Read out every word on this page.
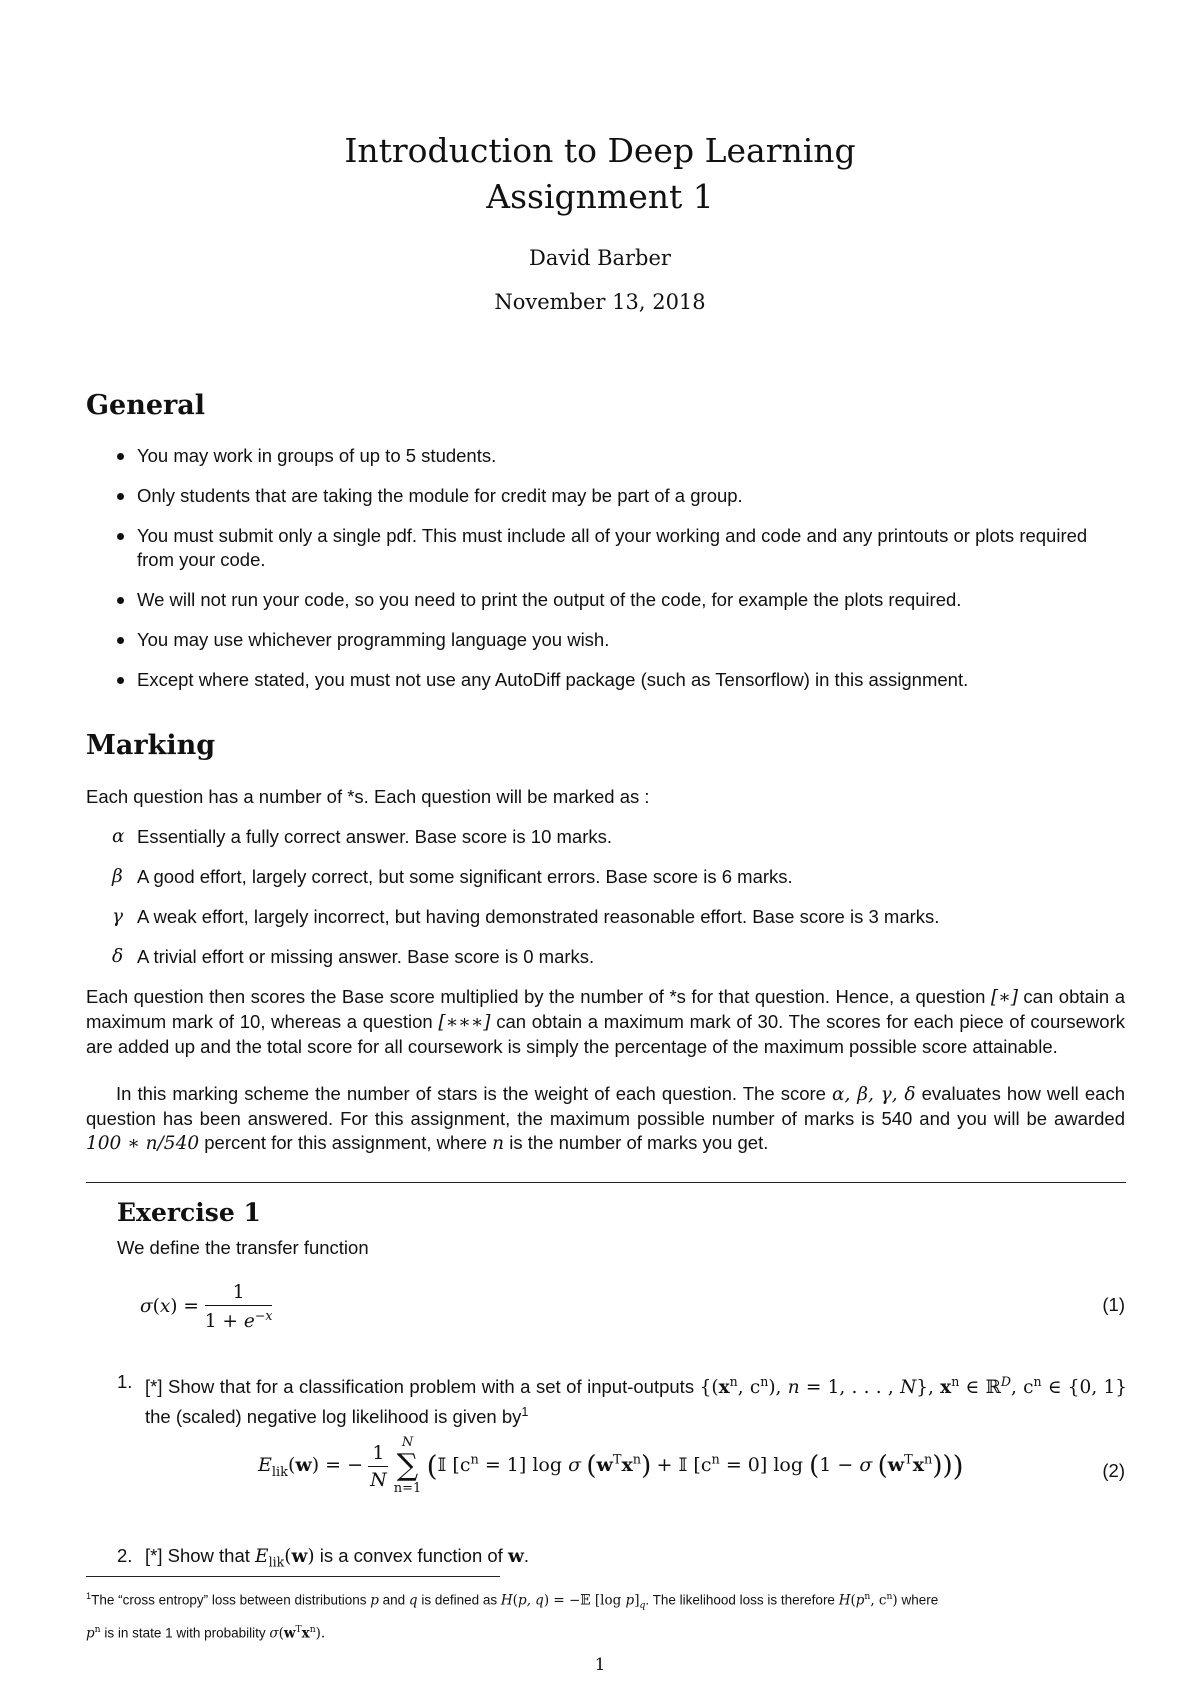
Introduction to Deep Learning
Assignment 1
David Barber
November 13, 2018
General
You may work in groups of up to 5 students.
Only students that are taking the module for credit may be part of a group.
You must submit only a single pdf. This must include all of your working and code and any printouts or plots required from your code.
We will not run your code, so you need to print the output of the code, for example the plots required.
You may use whichever programming language you wish.
Except where stated, you must not use any AutoDiff package (such as Tensorflow) in this assignment.
Marking
Each question has a number of *s. Each question will be marked as :
α Essentially a fully correct answer. Base score is 10 marks.
β A good effort, largely correct, but some significant errors. Base score is 6 marks.
γ A weak effort, largely incorrect, but having demonstrated reasonable effort. Base score is 3 marks.
δ A trivial effort or missing answer. Base score is 0 marks.
Each question then scores the Base score multiplied by the number of *s for that question. Hence, a question [∗] can obtain a maximum mark of 10, whereas a question [∗∗∗] can obtain a maximum mark of 30. The scores for each piece of coursework are added up and the total score for all coursework is simply the percentage of the maximum possible score attainable.
In this marking scheme the number of stars is the weight of each question. The score α, β, γ, δ evaluates how well each question has been answered. For this assignment, the maximum possible number of marks is 540 and you will be awarded 100 ∗ n/540 percent for this assignment, where n is the number of marks you get.
Exercise 1
We define the transfer function
$\sigma(x) = \frac{1}{1 + e^{-x}}$	(1)
1. [*] Show that for a classification problem with a set of input-outputs {($x^n$, $c^n$), n = 1, . . . , N}, $x^n$ ∈ ℝ$^D$, $c^n$ ∈ {0, 1} the (scaled) negative log likelihood is given $by^1$
$E_{lik}(w)$ = − $\frac{1}{N}$
	N
∑
n=1
(𝕀 $[c^n = 1]$ log σ $(w^Tx^n)$ + 𝕀 $[c^n = 0]$ log (1 − σ $(w^Tx^n)$))	(2)
2. [*] Show that $E_{lik}(w)$ is a convex function of w.
$^1$The “cross entropy” loss between distributions p and q is defined as H(p, q) = −𝔼 [log $p]_q$. The likelihood loss is therefore $H(p^n$, $c^n$) where
$p^n$ is in state 1 with probability $\sigma(w^Tx^n)$.
1
